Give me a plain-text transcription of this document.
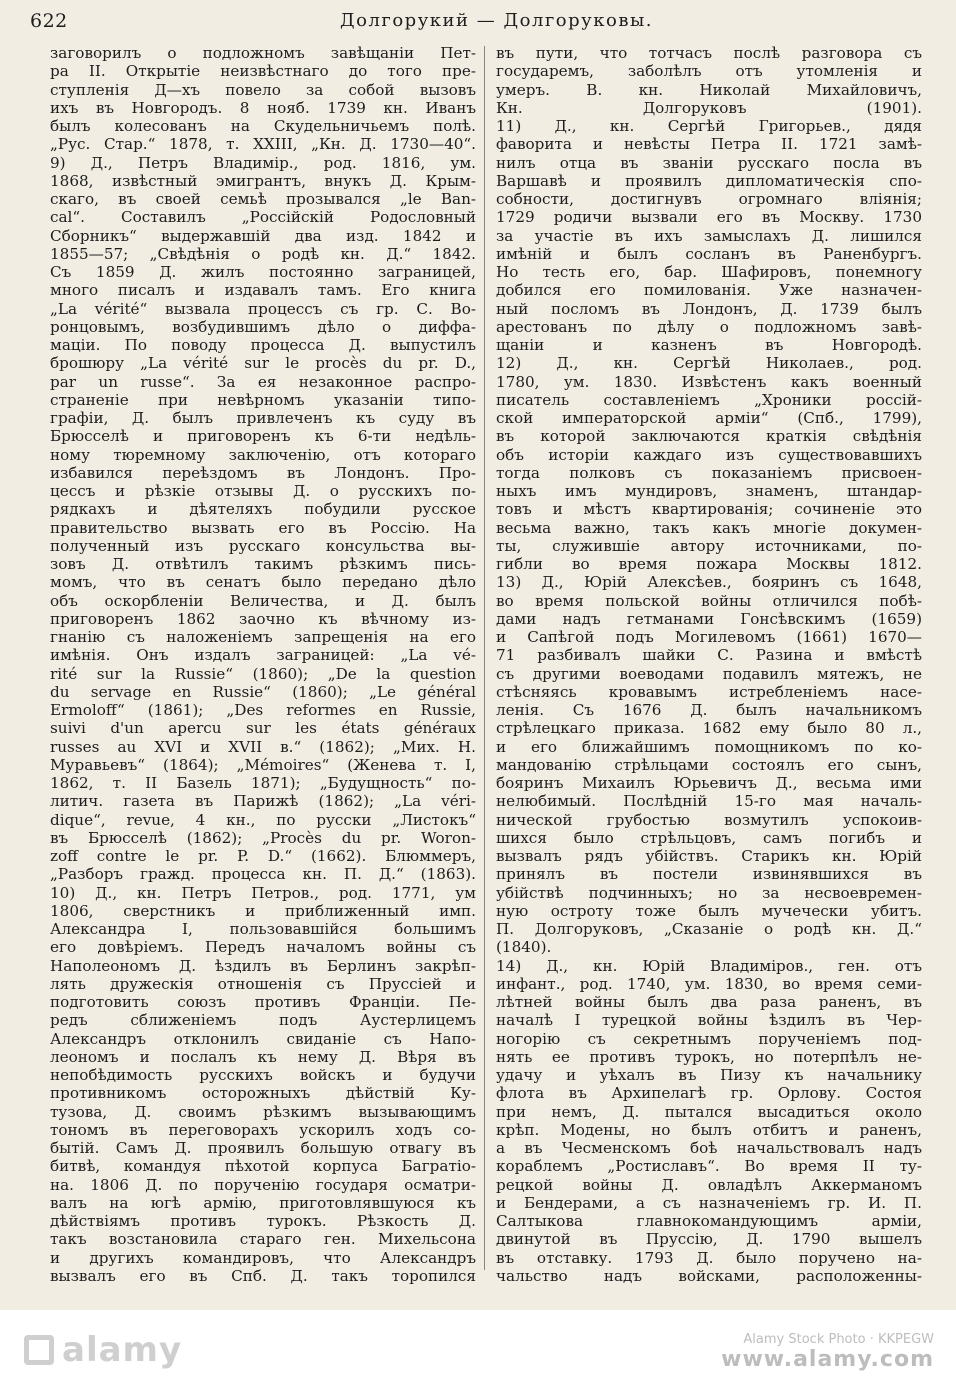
622	Долгорукий — Долгоруковы.
заговорилъ о подложномъ завѣщаніи Пет-
ра II. Открытіе неизвѣстнаго до того пре-
ступленія Д—хъ повело за собой вызовъ
ихъ въ Новгородъ. 8 нояб. 1739 кн. Иванъ
былъ колесованъ на Скудельничьемъ полѣ.
„Рус. Стар.“ 1878, т. XXIII, „Кн. Д. 1730—40“.
9) Д., Петръ Владимір., род. 1816, ум.
1868, извѣстный эмигрантъ, внукъ Д. Крым-
скаго, въ своей семьѣ прозывался „le Ban-
cal“. Составилъ „Россійскій Родословный
Сборникъ“ выдержавшій два изд. 1842 и
1855—57; „Свѣдѣнія о родѣ кн. Д.“ 1842.
Съ 1859 Д. жилъ постоянно заграницей,
много писалъ и издавалъ тамъ. Его книга
„La vérité“ вызвала процессъ съ гр. С. Во-
ронцовымъ, возбудившимъ дѣло о диффа-
маціи. По поводу процесса Д. выпустилъ
брошюру „La vérité sur le procès du pr. D.,
par un russe“. За ея незаконное распро-
страненіе при невѣрномъ указаніи типо-
графіи, Д. былъ привлеченъ къ суду въ
Брюсселѣ и приговоренъ къ 6-ти недѣль-
ному тюремному заключенію, отъ котораго
избавился переѣздомъ въ Лондонъ. Про-
цессъ и рѣзкіе отзывы Д. о русскихъ по-
рядкахъ и дѣятеляхъ побудили русское
правительство вызвать его въ Россію. На
полученный изъ русскаго консульства вы-
зовъ Д. отвѣтилъ такимъ рѣзкимъ пись-
момъ, что въ сенатъ было передано дѣло
объ оскорбленіи Величества, и Д. былъ
приговоренъ 1862 заочно къ вѣчному из-
гнанію съ наложеніемъ запрещенія на его
имѣнія. Онъ издалъ заграницей: „La vé-
rité sur la Russie“ (1860); „De la question
du servage en Russie“ (1860); „Le général
Ermoloff“ (1861); „Des reformes en Russie,
suivi d'un apercu sur les états généraux
russes au XVI и XVII в.“ (1862); „Мих. Н.
Муравьевъ“ (1864); „Mémoires“ (Женева т. I,
1862, т. II Базель 1871); „Будущность“ по-
литич. газета въ Парижѣ (1862); „La véri-
dique“, revue, 4 кн., по русски „Листокъ“
въ Брюсселѣ (1862); „Procès du pr. Woron-
zoff contre le pr. P. D.“ (1662). Блюммеръ,
„Разборъ гражд. процесса кн. П. Д.“ (1863).
10) Д., кн. Петръ Петров., род. 1771, ум
1806, сверстникъ и приближенный имп.
Александра I, пользовавшійся большимъ
его довѣріемъ. Передъ началомъ войны съ
Наполеономъ Д. ѣздилъ въ Берлинъ закрѣп-
лять дружескія отношенія съ Пруссіей и
подготовить союзъ противъ Франціи. Пе-
редъ сближеніемъ подъ Аустерлицемъ
Александръ отклонилъ свиданіе съ Напо-
леономъ и послалъ къ нему Д. Вѣря въ
непобѣдимость русскихъ войскъ и будучи
противникомъ осторожныхъ дѣйствій Ку-
тузова, Д. своимъ рѣзкимъ вызывающимъ
тономъ въ переговорахъ ускорилъ ходъ со-
бытій. Самъ Д. проявилъ большую отвагу въ
битвѣ, командуя пѣхотой корпуса Багратіо-
на. 1806 Д. по порученію государя осматри-
валъ на югѣ армію, приготовлявшуюся къ
дѣйствіямъ противъ турокъ. Рѣзкость Д.
такъ возстановила стараго ген. Михельсона
и другихъ командировъ, что Александръ
вызвалъ его въ Спб. Д. такъ торопился
въ пути, что тотчасъ послѣ разговора съ
государемъ, заболѣлъ отъ утомленія и
умеръ. В. кн. Николай Михайловичъ,
Кн. Долгоруковъ (1901).
11) Д., кн. Сергѣй Григорьев., дядя
фаворита и невѣсты Петра II. 1721 замѣ-
нилъ отца въ званіи русскаго посла въ
Варшавѣ и проявилъ дипломатическія спо-
собности, достигнувъ огромнаго вліянія;
1729 родичи вызвали его въ Москву. 1730
за участіе въ ихъ замыслахъ Д. лишился
имѣній и былъ сосланъ въ Раненбургъ.
Но тесть его, бар. Шафировъ, понемногу
добился его помилованія. Уже назначен-
ный посломъ въ Лондонъ, Д. 1739 былъ
арестованъ по дѣлу о подложномъ завѣ-
щаніи и казненъ въ Новгородѣ.
12) Д., кн. Сергѣй Николаев., род.
1780, ум. 1830. Извѣстенъ какъ военный
писатель составленіемъ „Хроники россій-
ской императорской арміи“ (Спб., 1799),
въ которой заключаются краткія свѣдѣнія
объ исторіи каждаго изъ существовавшихъ
тогда полковъ съ показаніемъ присвоен-
ныхъ имъ мундировъ, знаменъ, штандар-
товъ и мѣстъ квартированія; сочиненіе это
весьма важно, такъ какъ многіе докумен-
ты, служившіе автору источниками, по-
гибли во время пожара Москвы 1812.
13) Д., Юрій Алексѣев., бояринъ съ 1648,
во время польской войны отличился побѣ-
дами надъ гетманами Гонсѣвскимъ (1659)
и Сапѣгой подъ Могилевомъ (1661) 1670—
71 разбивалъ шайки С. Разина и вмѣстѣ
съ другими воеводами подавилъ мятежъ, не
стѣсняясь кровавымъ истребленіемъ насе-
ленія. Съ 1676 Д. былъ начальникомъ
стрѣлецкаго приказа. 1682 ему было 80 л.,
и его ближайшимъ помощникомъ по ко-
мандованію стрѣльцами состоялъ его сынъ,
бояринъ Михаилъ Юрьевичъ Д., весьма ими
нелюбимый. Послѣдній 15-го мая началь-
нической грубостью возмутилъ успокоив-
шихся было стрѣльцовъ, самъ погибъ и
вызвалъ рядъ убійствъ. Старикъ кн. Юрій
принялъ въ постели извинявшихся въ
убійствѣ подчинныхъ; но за несвоевремен-
ную остроту тоже былъ мучечески убитъ.
П. Долгоруковъ, „Сказаніе о родѣ кн. Д.“
(1840).
14) Д., кн. Юрій Владиміров., ген. отъ
инфант., род. 1740, ум. 1830, во время семи-
лѣтней войны былъ два раза раненъ, въ
началѣ I турецкой войны ѣздилъ въ Чер-
ногорію съ секретнымъ порученіемъ под-
нять ее противъ турокъ, но потерпѣлъ не-
удачу и уѣхалъ въ Пизу къ начальнику
флота въ Архипелагѣ гр. Орлову. Состоя
при немъ, Д. пытался высадиться около
крѣп. Модены, но былъ отбитъ и раненъ,
а въ Чесменскомъ боѣ начальствовалъ надъ
кораблемъ „Ростиславъ“. Во время II ту-
рецкой войны Д. овладѣлъ Аккерманомъ
и Бендерами, а съ назначеніемъ гр. И. П.
Салтыкова главнокомандующимъ арміи,
двинутой въ Пруссію, Д. 1790 вышелъ
въ отставку. 1793 Д. было поручено на-
чальство надъ войсками, расположенны-
alamy	Alamy Stock Photo · KKPEGW
www.alamy.com
